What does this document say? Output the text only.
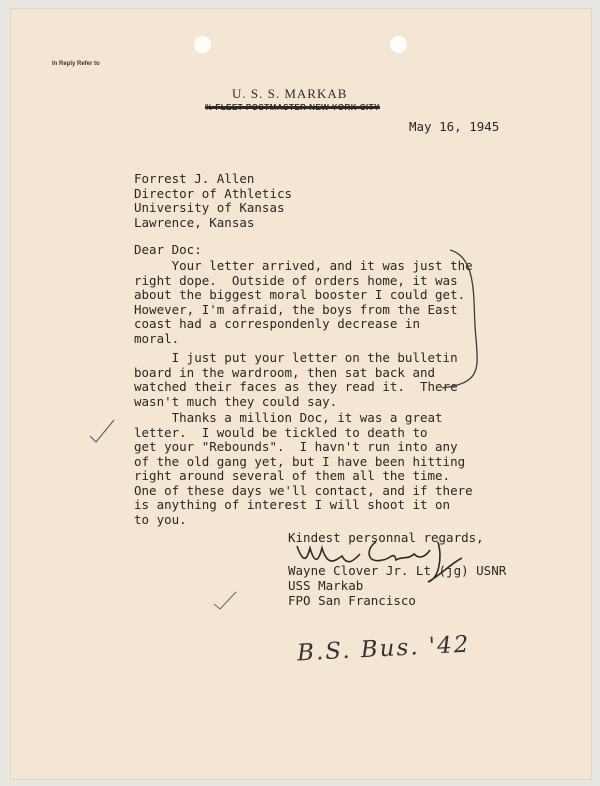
In Reply Refer to
U. S. S. MARKAB
% FLEET POSTMASTER NEW YORK CITY
May 16, 1945
Forrest J. Allen
Director of Athletics
University of Kansas
Lawrence, Kansas
Dear Doc:
Your letter arrived, and it was just the
right dope.  Outside of orders home, it was
about the biggest moral booster I could get.
However, I'm afraid, the boys from the East
coast had a correspondenly decrease in
moral.
I just put your letter on the bulletin
board in the wardroom, then sat back and
watched their faces as they read it.  There
wasn't much they could say.
Thanks a million Doc, it was a great
letter.  I would be tickled to death to
get your "Rebounds".  I havn't run into any
of the old gang yet, but I have been hitting
right around several of them all the time.
One of these days we'll contact, and if there
is anything of interest I will shoot it on
to you.
Kindest personnal regards,
Wayne Clover Jr. Lt (jg) USNR
USS Markab
FPO San Francisco
B.S. Bus. '42
